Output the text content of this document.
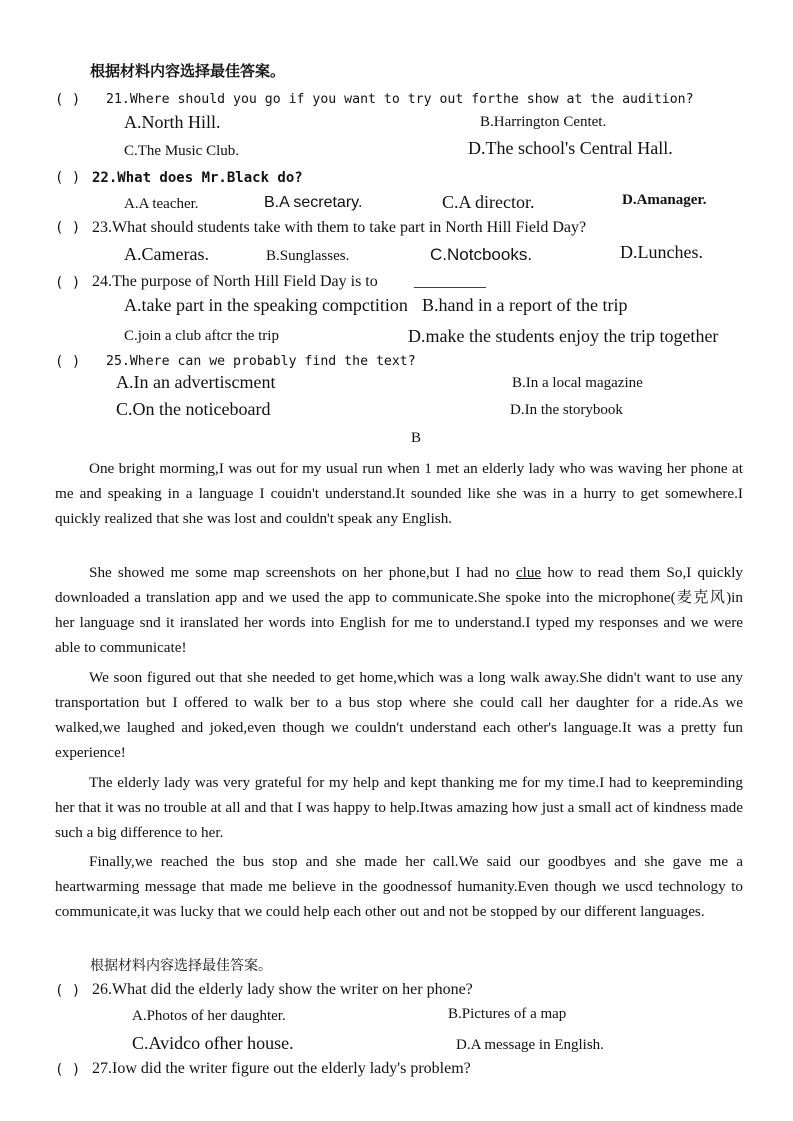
根据材料内容选择最佳答案。
( ) 21.Where should you go if you want to try out forthe show at the audition?
A.North Hill.	B.Harrington Centet.
C.The Music Club.	D.The school's Central Hall.
( ) 22.What does Mr.Black do?
A.A teacher.	B.A secretary.	C.A director.	D.Amanager.
( ) 23.What should students take with them to take part in North Hill Field Day?
A.Cameras.	B.Sunglasses.	C.Notcbooks.	D.Lunches.
( ) 24.The purpose of North Hill Field Day is to _________
A.take part in the speaking compctition B.hand in a report of the trip
C.join a club aftcr the trip	D.make the students enjoy the trip together
( ) 25.Where can we probably find the text?
A.In an advertiscment	B.In a local magazine
C.On the noticeboard	D.In the storybook
B
One bright morming,I was out for my usual run when 1 met an elderly lady who was waving her phone at me and speaking in a language I couidn't understand.It sounded like she was in a hurry to get somewhere.I quickly realized that she was lost and couldn't speak any English.
She showed me some map screenshots on her phone,but I had no clue how to read them So,I quickly downloaded a translation app and we used the app to communicate.She spoke into the microphone(麦克风)in her language snd it iranslated her words into English for me to understand.I typed my responses and we were able to communicate!
We soon figured out that she needed to get home,which was a long walk away.She didn't want to use any transportation but I offered to walk ber to a bus stop where she could call her daughter for a ride.As we walked,we laughed and joked,even though we couldn't understand each other's language.It was a pretty fun experience!
The elderly lady was very grateful for my help and kept thanking me for my time.I had to keepreminding her that it was no trouble at all and that I was happy to help.Itwas amazing how just a small act of kindness made such a big difference to her.
Finally,we reached the bus stop and she made her call.We said our goodbyes and she gave me a heartwarming message that made me believe in the goodnessof humanity.Even though we uscd technology to communicate,it was lucky that we could help each other out and not be stopped by our different languages.
根据材料内容选择最佳答案。
( ) 26.What did the elderly lady show the writer on her phone?
A.Photos of her daughter.	B.Pictures of a map
C.Avidco ofher house.	D.A message in English.
( ) 27.Iow did the writer figure out the elderly lady's problem?
